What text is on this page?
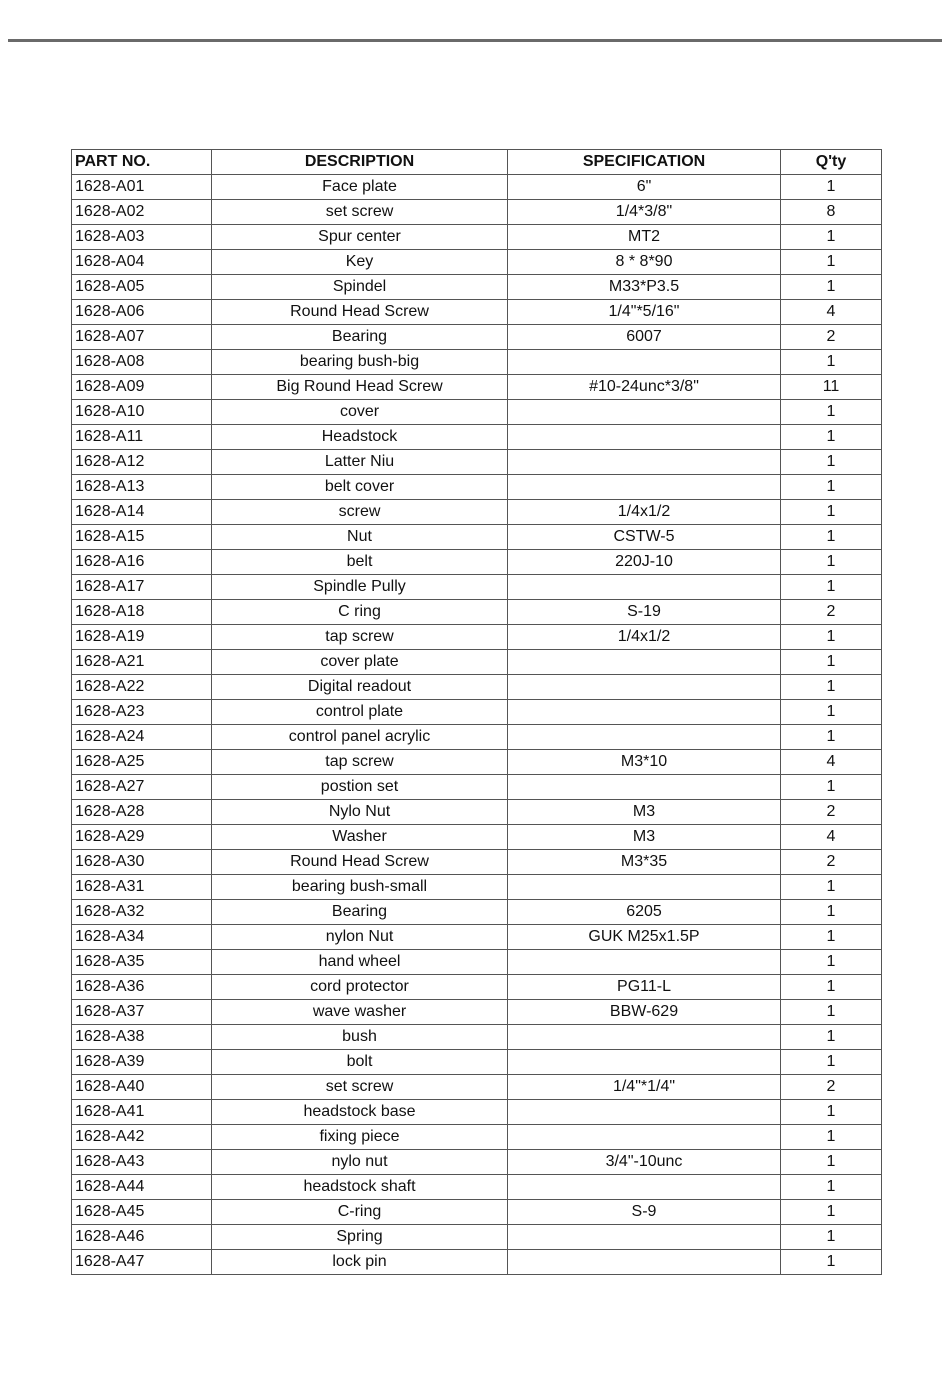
PART NO.	DESCRIPTION	SPECIFICATION	Q'ty
1628-A01	Face plate	6"	1
1628-A02	set screw	1/4*3/8"	8
1628-A03	Spur center	MT2	1
1628-A04	Key	8 * 8*90	1
1628-A05	Spindel	M33*P3.5	1
1628-A06	Round Head Screw	1/4"*5/16"	4
1628-A07	Bearing	6007	2
1628-A08	bearing bush-big		1
1628-A09	Big Round Head Screw	#10-24unc*3/8"	11
1628-A10	cover		1
1628-A11	Headstock		1
1628-A12	Latter Niu		1
1628-A13	belt cover		1
1628-A14	screw	1/4x1/2	1
1628-A15	Nut	CSTW-5	1
1628-A16	belt	220J-10	1
1628-A17	Spindle Pully		1
1628-A18	C ring	S-19	2
1628-A19	tap screw	1/4x1/2	1
1628-A21	cover plate		1
1628-A22	Digital readout		1
1628-A23	control plate		1
1628-A24	control panel acrylic		1
1628-A25	tap screw	M3*10	4
1628-A27	postion set		1
1628-A28	Nylo Nut	M3	2
1628-A29	Washer	M3	4
1628-A30	Round Head Screw	M3*35	2
1628-A31	bearing bush-small		1
1628-A32	Bearing	6205	1
1628-A34	nylon Nut	GUK M25x1.5P	1
1628-A35	hand wheel		1
1628-A36	cord protector	PG11-L	1
1628-A37	wave washer	BBW-629	1
1628-A38	bush		1
1628-A39	bolt		1
1628-A40	set screw	1/4"*1/4"	2
1628-A41	headstock base		1
1628-A42	fixing piece		1
1628-A43	nylo nut	3/4"-10unc	1
1628-A44	headstock shaft		1
1628-A45	C-ring	S-9	1
1628-A46	Spring		1
1628-A47	lock pin		1
